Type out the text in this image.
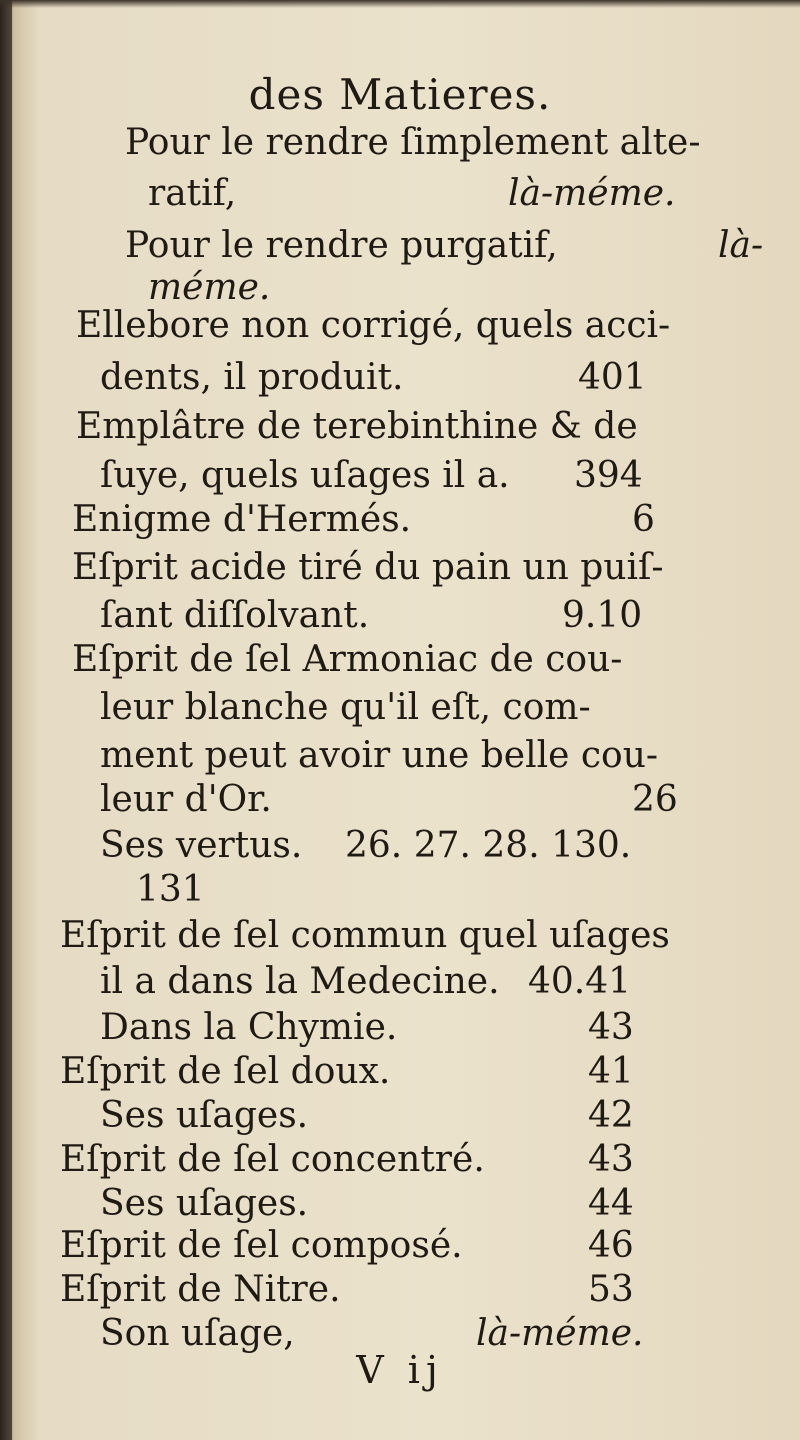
des Matieres.
Pour le rendre ſimplement alte-
ratif,	là-méme.
Pour le rendre purgatif,	là-
méme.
Ellebore non corrigé, quels acci-
dents, il produit.	401
Emplâtre de terebinthine & de
ſuye, quels uſages il a. 394
Enigme d'Hermés.	6
Eſprit acide tiré du pain un puiſ-
ſant diſſolvant.	9.10
Eſprit de ſel Armoniac de cou-
leur blanche qu'il eſt, com-
ment peut avoir une belle cou-
leur d'Or.	26
Ses vertus. 26. 27. 28. 130.
131
Eſprit de ſel commun quel uſages
il a dans la Medecine. 40.41
Dans la Chymie.	43
Eſprit de ſel doux.	41
Ses uſages.	42
Eſprit de ſel concentré.	43
Ses uſages.	44
Eſprit de ſel composé.	46
Eſprit de Nitre.	53
Son uſage,	là-méme.
V ij
